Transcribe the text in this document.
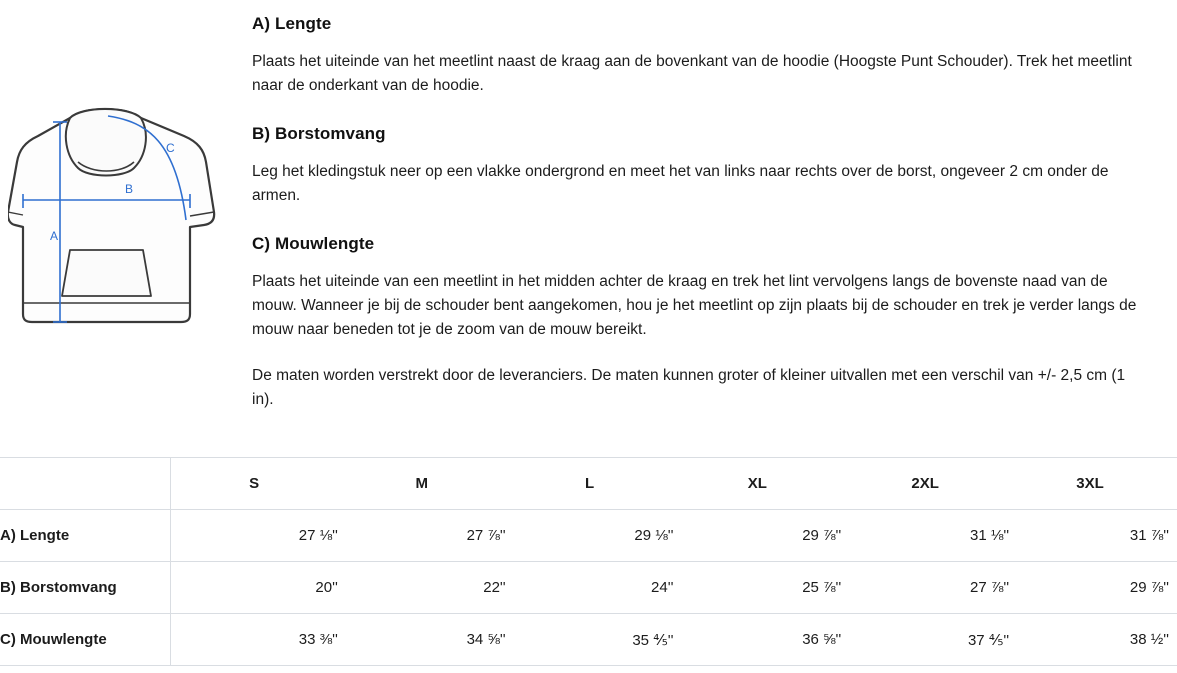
A
B
C
A) Lengte

Plaats het uiteinde van het meetlint naast de kraag aan de bovenkant van de hoodie (Hoogste Punt Schouder). Trek het meetlint naar de onderkant van de hoodie.

B) Borstomvang

Leg het kledingstuk neer op een vlakke ondergrond en meet het van links naar rechts over de borst, ongeveer 2 cm onder de armen.

C) Mouwlengte

Plaats het uiteinde van een meetlint in het midden achter de kraag en trek het lint vervolgens langs de bovenste naad van de mouw. Wanneer je bij de schouder bent aangekomen, hou je het meetlint op zijn plaats bij de schouder en trek je verder langs de mouw naar beneden tot je de zoom van de mouw bereikt.

De maten worden verstrekt door de leveranciers. De maten kunnen groter of kleiner uitvallen met een verschil van +/- 2,5 cm (1 in).

	S	M	L	XL	2XL	3XL
A) Lengte	27 ⅛''	27 ⅞''	29 ⅛''	29 ⅞''	31 ⅛''	31 ⅞''
B) Borstomvang	20''	22''	24''	25 ⅞''	27 ⅞''	29 ⅞''
C) Mouwlengte	33 ⅜''	34 ⅝''	35 ⅘''	36 ⅝''	37 ⅘''	38 ½''
